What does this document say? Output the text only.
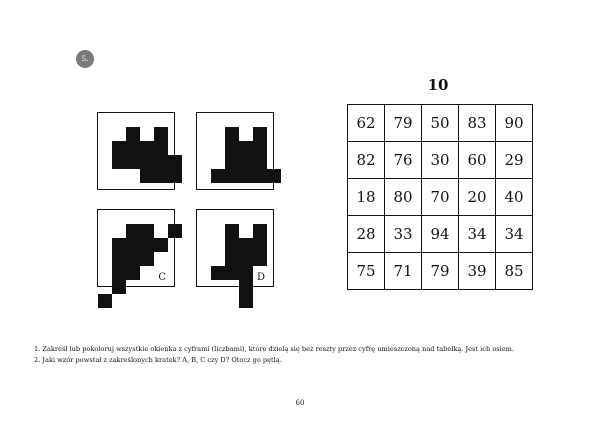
5.
C	D
10
62	79	50	83	90
82	76	30	60	29
18	80	70	20	40
28	33	94	34	34
75	71	79	39	85
1. Zakreśl lub pokoloruj wszystkie okienka z cyframi (liczbami), które dzielą się bez reszty przez cyfrę umieszczoną nad tabelką. Jest ich osiem.
2. Jaki wzór powstał z zakreślonych kratek? A, B, C czy D? Otocz go pętlą.
60
